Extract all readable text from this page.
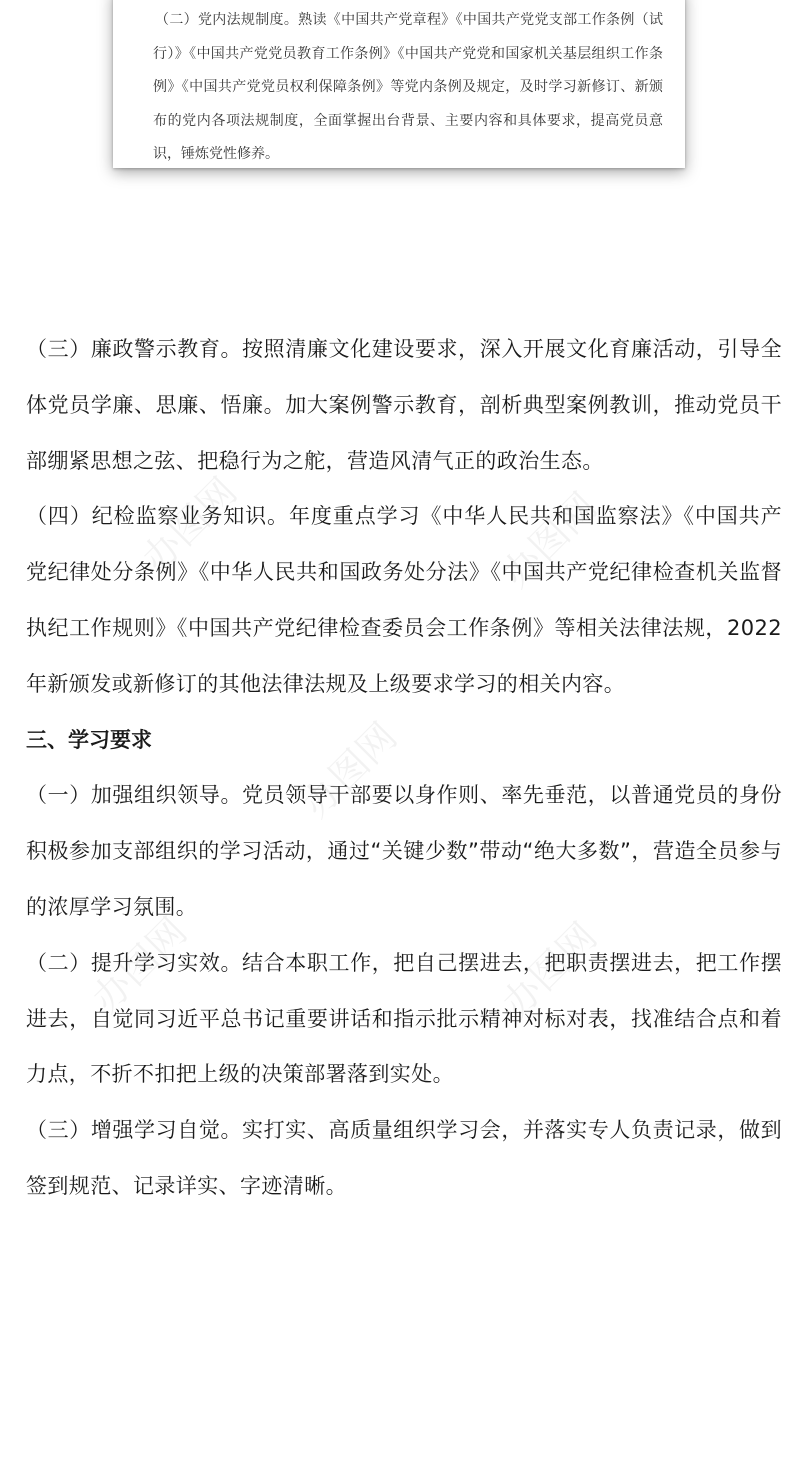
（二）党内法规制度。熟读《中国共产党章程》《中国共产党党支部工作条例（试行）》《中国共产党党员教育工作条例》《中国共产党党和国家机关基层组织工作条例》《中国共产党党员权利保障条例》等党内条例及规定，及时学习新修订、新颁布的党内各项法规制度，全面掌握出台背景、主要内容和具体要求，提高党员意识，锤炼党性修养。

办图网	办图网
办图网
办图网	办图网

（三）廉政警示教育。按照清廉文化建设要求，深入开展文化育廉活动，引导全体党员学廉、思廉、悟廉。加大案例警示教育，剖析典型案例教训，推动党员干部绷紧思想之弦、把稳行为之舵，营造风清气正的政治生态。

（四）纪检监察业务知识。年度重点学习《中华人民共和国监察法》《中国共产党纪律处分条例》《中华人民共和国政务处分法》《中国共产党纪律检查机关监督执纪工作规则》《中国共产党纪律检查委员会工作条例》等相关法律法规，2022 年新颁发或新修订的其他法律法规及上级要求学习的相关内容。

三、学习要求

（一）加强组织领导。党员领导干部要以身作则、率先垂范，以普通党员的身份积极参加支部组织的学习活动，通过“关键少数”带动“绝大多数”，营造全员参与的浓厚学习氛围。

（二）提升学习实效。结合本职工作，把自己摆进去，把职责摆进去，把工作摆进去，自觉同习近平总书记重要讲话和指示批示精神对标对表，找准结合点和着力点，不折不扣把上级的决策部署落到实处。

（三）增强学习自觉。实打实、高质量组织学习会，并落实专人负责记录，做到签到规范、记录详实、字迹清晰。
